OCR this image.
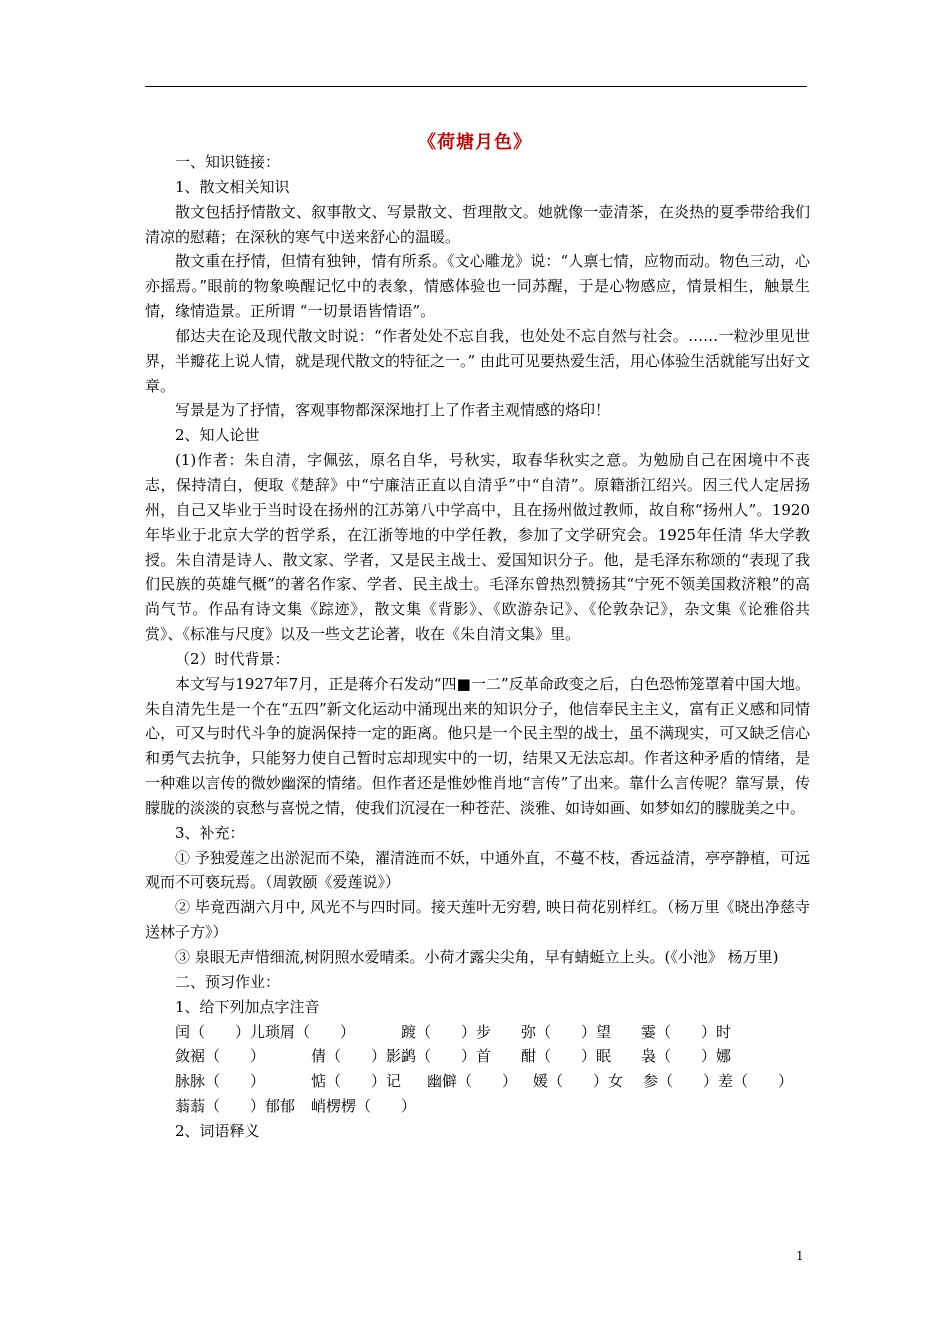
《荷塘月色》

一、知识链接：

1、散文相关知识

散文包括抒情散文、叙事散文、写景散文、哲理散文。她就像一壶清茶，在炎热的夏季带给我们清凉的慰藉；在深秋的寒气中送来舒心的温暖。

散文重在抒情，但情有独钟，情有所系。《文心雕龙》说：“人禀七情，应物而动。物色三动，心亦摇焉。”眼前的物象唤醒记忆中的表象，情感体验也一同苏醒，于是心物感应，情景相生，触景生情，缘情造景。正所谓 “一切景语皆情语”。

郁达夫在论及现代散文时说：“作者处处不忘自我，也处处不忘自然与社会。……一粒沙里见世界，半瓣花上说人情，就是现代散文的特征之一。” 由此可见要热爱生活，用心体验生活就能写出好文章。

写景是为了抒情，客观事物都深深地打上了作者主观情感的烙印！

2、知人论世

(1)作者：朱自清，字佩弦，原名自华，号秋实，取春华秋实之意。为勉励自己在困境中不丧志，保持清白，便取《楚辞》中“宁廉洁正直以自清乎”中“自清”。原籍浙江绍兴。因三代人定居扬州，自己又毕业于当时设在扬州的江苏第八中学高中，且在扬州做过教师，故自称“扬州人”。1920年毕业于北京大学的哲学系，在江浙等地的中学任教，参加了文学研究会。1925年任清 华大学教授。朱自清是诗人、散文家、学者，又是民主战士、爱国知识分子。他，是毛泽东称颂的“表现了我们民族的英雄气概”的著名作家、学者、民主战士。毛泽东曾热烈赞扬其“宁死不领美国救济粮”的高尚气节。作品有诗文集《踪迹》，散文集《背影》、《欧游杂记》、《伦敦杂记》，杂文集《论雅俗共赏》、《标准与尺度》以及一些文艺论著，收在《朱自清文集》里。

（2）时代背景：

本文写与1927年7月，正是蒋介石发动“四■一二”反革命政变之后，白色恐怖笼罩着中国大地。朱自清先生是一个在“五四”新文化运动中涌现出来的知识分子，他信奉民主主义，富有正义感和同情心，可又与时代斗争的旋涡保持一定的距离。他只是一个民主型的战士，虽不满现实，可又缺乏信心和勇气去抗争，只能努力使自己暂时忘却现实中的一切，结果又无法忘却。作者这种矛盾的情绪，是一种难以言传的微妙幽深的情绪。但作者还是惟妙惟肖地“言传”了出来。靠什么言传呢？靠写景，传朦胧的淡淡的哀愁与喜悦之情，使我们沉浸在一种苍茫、淡雅、如诗如画、如梦如幻的朦胧美之中。

3、补充：

① 予独爱莲之出淤泥而不染，濯清涟而不妖，中通外直，不蔓不枝，香远益清，亭亭静植，可远观而不可亵玩焉。（周敦颐《爱莲说》）

② 毕竟西湖六月中, 风光不与四时同。接天莲叶无穷碧, 映日荷花别样红。（杨万里《晓出净慈寺送林子方》）

③ 泉眼无声惜细流,树阴照水爱晴柔。小荷才露尖尖角，早有蜻蜓立上头。(《小池》 杨万里)

二、预习作业：

1、给下列加点字注音

闰（　　）儿 琐屑（　　）	踱（　　）步	弥（　　）望	霎（　　）时
敛裾（　　）	倩（　　）影 鹢（　　）首	酣（　　）眠	袅（　　）娜
脉脉（　　）	惦（　　）记	幽僻（　　）	媛（　　）女	参（　　）差（　　）
蓊蓊（　　）郁郁	峭楞楞（　　）

2、词语释义

1
